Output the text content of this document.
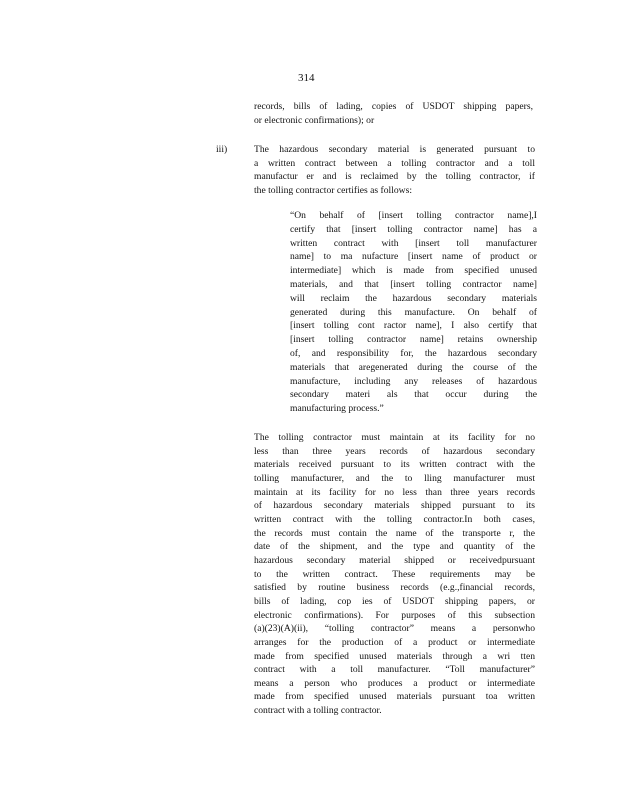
314

records, bills of lading, copies of USDOT shipping papers,
or electronic confirmations); or

iii)	The hazardous secondary material is generated pursuant to
a written contract between a tolling contractor and a toll
manufactur er and is reclaimed by the tolling contractor, if
the tolling contractor certifies as follows:

“On behalf of [insert tolling contractor name],I
certify that [insert tolling contractor name] has a
written contract with [insert toll manufacturer
name] to ma nufacture [insert name of product or
intermediate] which is made from specified unused
materials, and that [insert tolling contractor name]
will reclaim the hazardous secondary materials
generated during this manufacture. On behalf of
[insert tolling cont ractor name], I also certify that
[insert tolling contractor name] retains ownership
of, and responsibility for, the hazardous secondary
materials that aregenerated during the course of the
manufacture, including any releases of hazardous
secondary materi als that occur during the
manufacturing process.”

The tolling contractor must maintain at its facility for no
less than three years records of hazardous secondary
materials received pursuant to its written contract with the
tolling manufacturer, and the to lling manufacturer must
maintain at its facility for no less than three years records
of hazardous secondary materials shipped pursuant to its
written contract with the tolling contractor.In both cases,
the records must contain the name of the transporte r, the
date of the shipment, and the type and quantity of the
hazardous secondary material shipped or receivedpursuant
to the written contract. These requirements may be
satisfied by routine business records (e.g.,financial records,
bills of lading, cop ies of USDOT shipping papers, or
electronic confirmations). For purposes of this subsection
(a)(23)(A)(ii), “tolling contractor” means a personwho
arranges for the production of a product or intermediate
made from specified unused materials through a wri tten
contract with a toll manufacturer. “Toll manufacturer”
means a person who produces a product or intermediate
made from specified unused materials pursuant toa written
contract with a tolling contractor.
